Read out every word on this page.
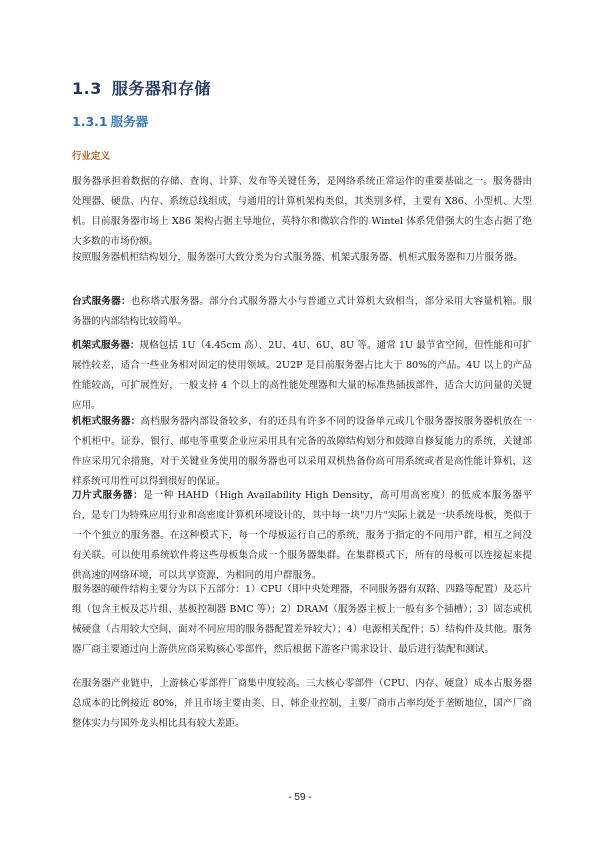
1.3 服务器和存储
1.3.1 服务器
行业定义

服务器承担着数据的存储、查询、计算、发布等关键任务，是网络系统正常运作的重要基础之一。服务器由处理器、硬盘、内存、系统总线组成，与通用的计算机架构类似，其类别多样，主要有 X86、小型机、大型机。目前服务器市场上 X86 架构占据主导地位，英特尔和微软合作的 Wintel 体系凭借强大的生态占据了绝大多数的市场份额。

按照服务器机柜结构划分，服务器可大致分类为台式服务器、机架式服务器、机柜式服务器和刀片服务器。

台式服务器：也称塔式服务器。部分台式服务器大小与普通立式计算机大致相当，部分采用大容量机箱。服务器的内部结构比较简单。

机架式服务器：规格包括 1U（4.45cm 高）、2U、4U、6U、8U 等。通常 1U 最节省空间，但性能和可扩展性较差，适合一些业务相对固定的使用领域。2U2P 是目前服务器占比大于 80%的产品。4U 以上的产品性能较高，可扩展性好，一般支持 4 个以上的高性能处理器和大量的标准热插拔部件，适合大访问量的关键应用。

机柜式服务器：高档服务器内部设备较多，有的还具有许多不同的设备单元或几个服务器按服务器机放在一个机柜中。证券、银行、邮电等重要企业应采用具有完备的故障结构划分和鼓障自修复能力的系统，关键部件应采用冗余措施，对于关键业务使用的服务器也可以采用双机热备份高可用系统或者是高性能计算机，这样系统可用性可以得到很好的保证。

刀片式服务器：是一种 HAHD（High Availability High Density，高可用高密度）的低成本服务器平台，是专门为特殊应用行业和高密度计算机环境设计的，其中每一块"刀片"实际上就是一块系统母板，类似于一个个独立的服务器。在这种模式下，每一个母板运行自己的系统，服务于指定的不同用户群，相互之间没有关联。可以使用系统软件将这些母板集合成一个服务器集群。在集群模式下，所有的母板可以连接起来提供高速的网络环境，可以共享资源，为相同的用户群服务。

服务器的硬件结构主要分为以下五部分：1）CPU（即中央处理器，不同服务器有双路、四路等配置）及芯片组（包含主板及芯片组、基板控制器 BMC 等）；2）DRAM（服务器主板上一般有多个插槽）；3）固态或机械硬盘（占用较大空间，面对不同应用的服务器配置差异较大）；4）电源相关配件；5）结构件及其他。服务器厂商主要通过向上游供应商采购核心零部件，然后根据下游客户需求设计、最后进行装配和测试。

在服务器产业链中，上游核心零部件厂商集中度较高。三大核心零部件（CPU、内存、硬盘）成本占服务器总成本的比例接近 80%，并且市场主要由美、日、韩企业控制，主要厂商市占率均处于垄断地位，国产厂商整体实力与国外龙头相比具有较大差距。

- 59 -
